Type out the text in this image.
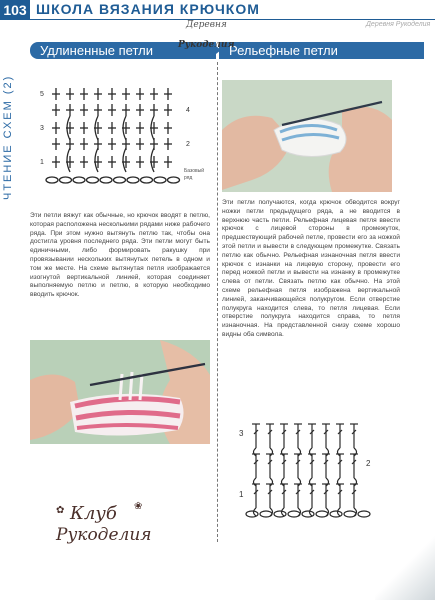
103 ШКОЛА ВЯЗАНИЯ КРЮЧКОМ
Деревня	Деревня Рукоделия
ЧТЕНИЕ СХЕМ (2)
Удлиненные петли	Рельефные петли
Рукоделия
5
4
3
2
1
Базовый
ряд

Эти петли вяжут как обычные, но крючок вводят в петлю, которая расположена несколькими рядами ниже рабочего ряда. При этом нужно вытянуть петлю так, чтобы она достигла уровня последнего ряда. Эти петли могут быть единичными, либо формировать ракушку при провязывании нескольких вытянутых петель в одном и том же месте. На схеме вытянутая петля изображается изогнутой вертикальной линией, которая соединяет выполняемую петлю и петлю, в которую необходимо вводить крючок.

Эти петли получаются, когда крючок обводится вокруг ножки петли предыдущего ряда, а не вводится в верхнюю часть петли. Рельефная лицевая петля ввести крючок с лицевой стороны в промежуток, предшествующий рабочей петле, провести его за ножкой этой петли и вывести в следующем промежутке. Связать петлю как обычно. Рельефная изнаночная петля ввести крючок с изнанки на лицевую сторону, провести его перед ножкой петли и вывести на изнанку в промежутке слева от петли. Связать петлю как обычно. На этой схеме рельефная петля изображена вертикальной линией, заканчивающейся полукругом. Если отверстие полукруга находится слева, то петля лицевая. Если отверстие полукруга находится справа, то петля изнаночная. На представленной снизу схеме хорошо видны оба символа.

3
2
1
✿ Клуб ❀
Рукоделия
